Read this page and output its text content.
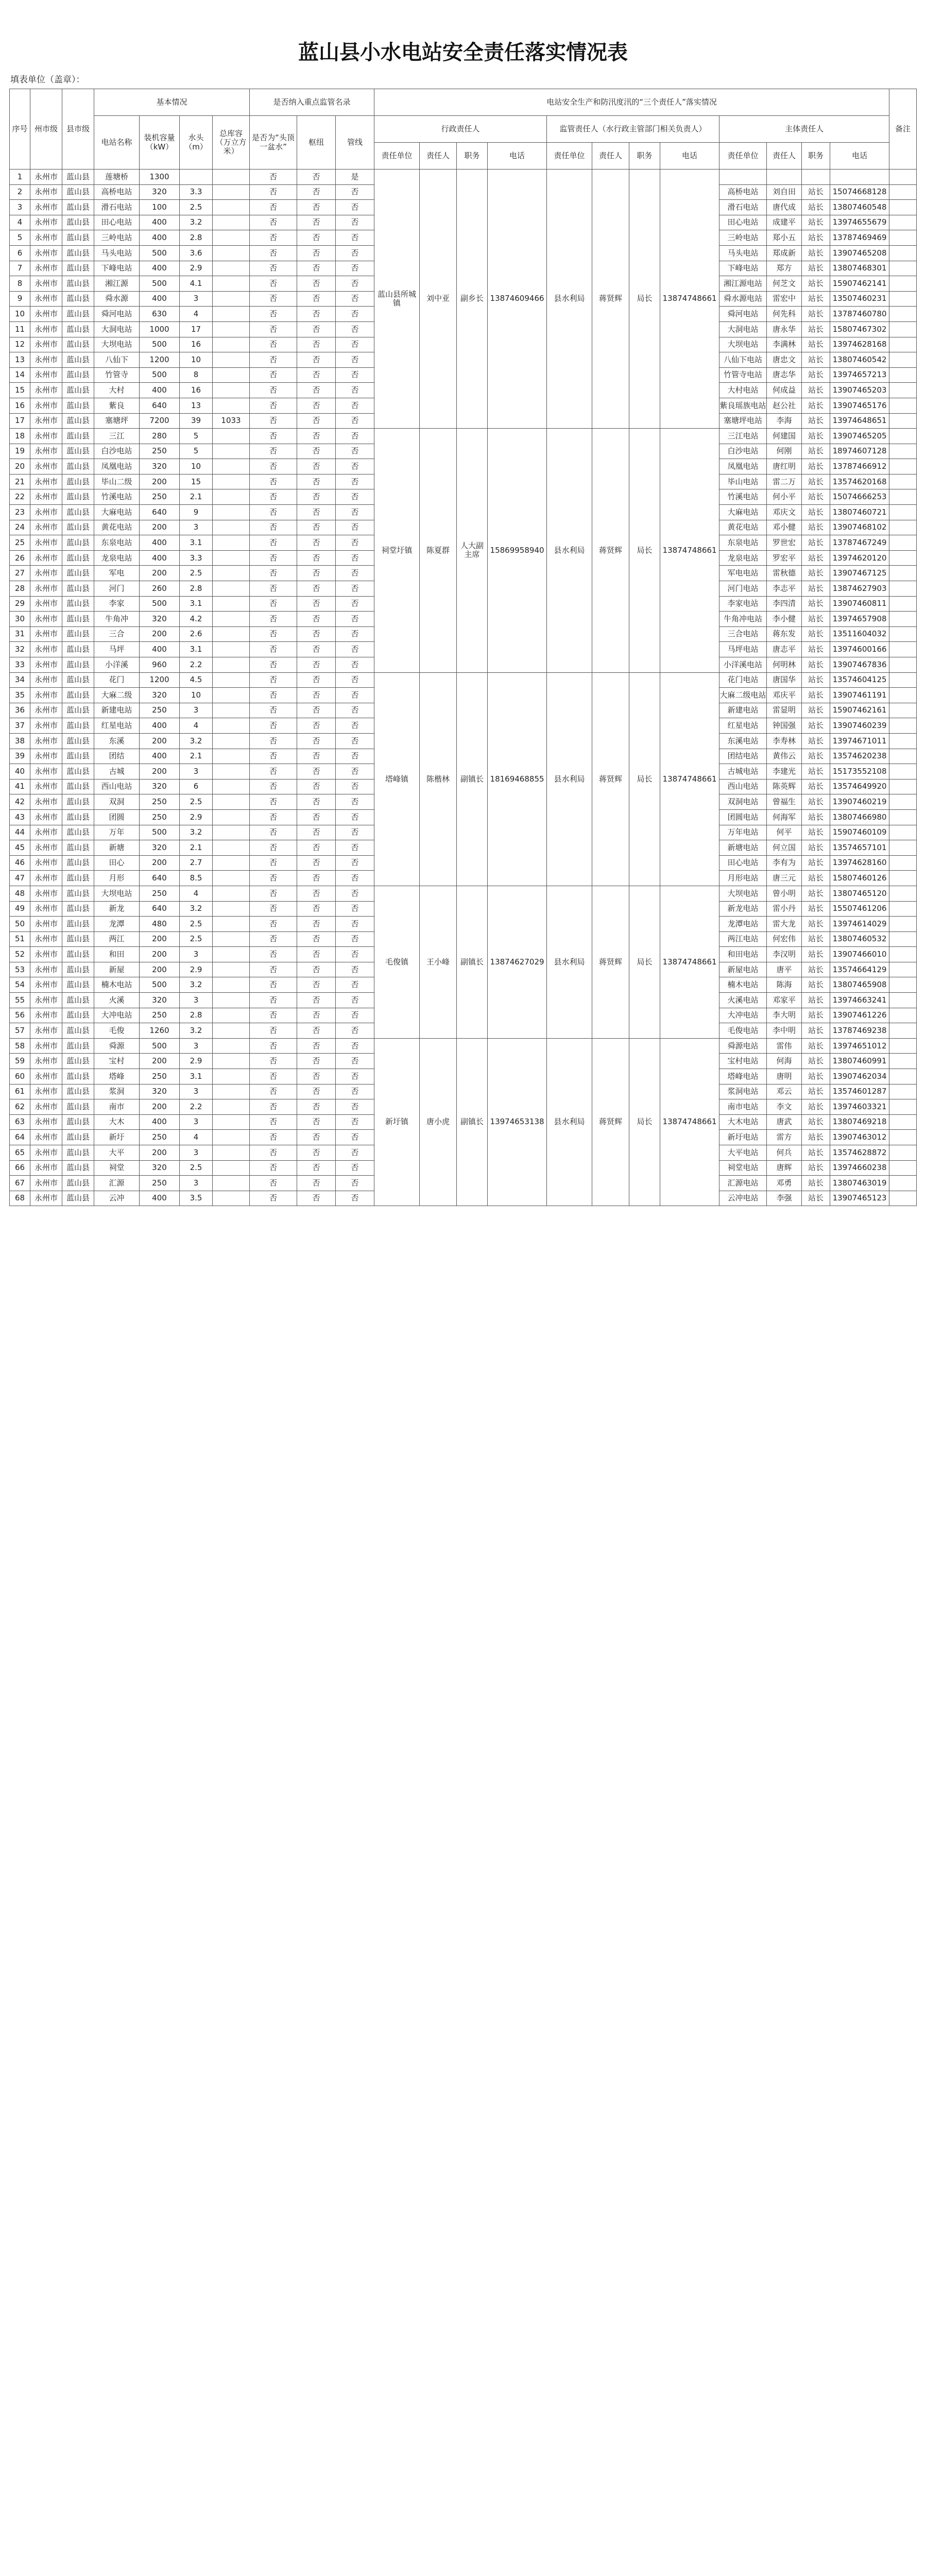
蓝山县小水电站安全责任落实情况表
填表单位（盖章）：
序号	州市级	县市级	基本情况				是否纳入重点监管名录			电站安全生产和防汛度汛的“三个责任人”落实情况												备注
			电站名称	装机容量（kW）	水头（m）	总库容（万立方米）	是否为“头顶一盆水”	枢纽	管线	行政责任人				监管责任人（水行政主管部门相关负责人）				主体责任人				
										责任单位	责任人	职务	电话	责任单位	责任人	职务	电话	责任单位	责任人	职务	电话	
1	永州市	蓝山县	莲塘桥	1300			否	否	是	蓝山县所城镇	刘中亚	副乡长	13874609466	县水利局	蒋贤辉	局长	13874748661					
2	永州市	蓝山县	高桥电站	320	3.3		否	否	否									高桥电站	刘自田	站长	15074668128	
3	永州市	蓝山县	滑石电站	100	2.5		否	否	否									滑石电站	唐代成	站长	13807460548	
4	永州市	蓝山县	田心电站	400	3.2		否	否	否									田心电站	成建平	站长	13974655679	
5	永州市	蓝山县	三岭电站	400	2.8		否	否	否									三岭电站	郑小五	站长	13787469469	
6	永州市	蓝山县	马头电站	500	3.6		否	否	否									马头电站	郑成新	站长	13907465208	
7	永州市	蓝山县	下峰电站	400	2.9		否	否	否									下峰电站	郑方	站长	13807468301	
8	永州市	蓝山县	湘江源	500	4.1		否	否	否									湘江源电站	何芝文	站长	15907462141	
9	永州市	蓝山县	舜水源	400	3		否	否	否									舜水源电站	雷宏中	站长	13507460231	
10	永州市	蓝山县	舜河电站	630	4		否	否	否									舜河电站	何先科	站长	13787460780	
11	永州市	蓝山县	大洞电站	1000	17		否	否	否									大洞电站	唐永华	站长	15807467302	
12	永州市	蓝山县	大坝电站	500	16		否	否	否									大坝电站	李满林	站长	13974628168	
13	永州市	蓝山县	八仙下	1200	10		否	否	否									八仙下电站	唐忠文	站长	13807460542	
14	永州市	蓝山县	竹管寺	500	8		否	否	否									竹管寺电站	唐志华	站长	13974657213	
15	永州市	蓝山县	大村	400	16		否	否	否									大村电站	何成益	站长	13907465203	
16	永州市	蓝山县	紫良	640	13		否	否	否									紫良瑶族电站	赵公社	站长	13907465176	
17	永州市	蓝山县	塞塘坪	7200	39	1033	否	否	否									塞塘坪电站	李海	站长	13974648651	
18	永州市	蓝山县	三江	280	5		否	否	否	祠堂圩镇	陈夏群	人大副主席	15869958940	县水利局	蒋贤辉	局长	13874748661	三江电站	何建国	站长	13907465205	
19	永州市	蓝山县	白沙电站	250	5		否	否	否									白沙电站	何刚	站长	18974607128	
20	永州市	蓝山县	凤凰电站	320	10		否	否	否									凤凰电站	唐红明	站长	13787466912	
21	永州市	蓝山县	毕山二级	200	15		否	否	否									毕山电站	雷二万	站长	13574620168	
22	永州市	蓝山县	竹溪电站	250	2.1		否	否	否									竹溪电站	何小平	站长	15074666253	
23	永州市	蓝山县	大麻电站	640	9		否	否	否									大麻电站	邓庆文	站长	13807460721	
24	永州市	蓝山县	黄花电站	200	3		否	否	否									黄花电站	邓小健	站长	13907468102	
25	永州市	蓝山县	东泉电站	400	3.1		否	否	否									东泉电站	罗世宏	站长	13787467249	
26	永州市	蓝山县	龙泉电站	400	3.3		否	否	否									龙泉电站	罗宏平	站长	13974620120	
27	永州市	蓝山县	军电	200	2.5		否	否	否									军电电站	雷秋德	站长	13907467125	
28	永州市	蓝山县	河门	260	2.8		否	否	否									河门电站	李志平	站长	13874627903	
29	永州市	蓝山县	李家	500	3.1		否	否	否									李家电站	李四清	站长	13907460811	
30	永州市	蓝山县	牛角冲	320	4.2		否	否	否									牛角冲电站	李小健	站长	13974657908	
31	永州市	蓝山县	三合	200	2.6		否	否	否									三合电站	蒋东发	站长	13511604032	
32	永州市	蓝山县	马坪	400	3.1		否	否	否									马坪电站	唐志平	站长	13974600166	
33	永州市	蓝山县	小洋溪	960	2.2		否	否	否									小洋溪电站	何明林	站长	13907467836	
34	永州市	蓝山县	花门	1200	4.5		否	否	否	塔峰镇	陈楷林	副镇长	18169468855	县水利局	蒋贤辉	局长	13874748661	花门电站	唐国华	站长	13574604125	
35	永州市	蓝山县	大麻二级	320	10		否	否	否									大麻二级电站	邓庆平	站长	13907461191	
36	永州市	蓝山县	新建电站	250	3		否	否	否									新建电站	雷显明	站长	15907462161	
37	永州市	蓝山县	红星电站	400	4		否	否	否									红星电站	钟国强	站长	13907460239	
38	永州市	蓝山县	东溪	200	3.2		否	否	否									东溪电站	李寿林	站长	13974671011	
39	永州市	蓝山县	团结	400	2.1		否	否	否									团结电站	黄伟云	站长	13574620238	
40	永州市	蓝山县	古城	200	3		否	否	否									古城电站	李建光	站长	15173552108	
41	永州市	蓝山县	西山电站	320	6		否	否	否									西山电站	陈英辉	站长	13574649920	
42	永州市	蓝山县	双洞	250	2.5		否	否	否									双洞电站	曾福生	站长	13907460219	
43	永州市	蓝山县	团圆	250	2.9		否	否	否									团圆电站	何海军	站长	13807466980	
44	永州市	蓝山县	万年	500	3.2		否	否	否									万年电站	何平	站长	15907460109	
45	永州市	蓝山县	新塘	320	2.1		否	否	否									新塘电站	何立国	站长	13574657101	
46	永州市	蓝山县	田心	200	2.7		否	否	否									田心电站	李有为	站长	13974628160	
47	永州市	蓝山县	月形	640	8.5		否	否	否									月形电站	唐三元	站长	15807460126	
48	永州市	蓝山县	大坝电站	250	4		否	否	否	毛俊镇	王小峰	副镇长	13874627029	县水利局	蒋贤辉	局长	13874748661	大坝电站	曾小明	站长	13807465120	
49	永州市	蓝山县	新龙	640	3.2		否	否	否									新龙电站	雷小丹	站长	15507461206	
50	永州市	蓝山县	龙潭	480	2.5		否	否	否									龙潭电站	雷大龙	站长	13974614029	
51	永州市	蓝山县	两江	200	2.5		否	否	否									两江电站	何宏伟	站长	13807460532	
52	永州市	蓝山县	和田	200	3		否	否	否									和田电站	李汉明	站长	13907466010	
53	永州市	蓝山县	新屋	200	2.9		否	否	否									新屋电站	唐平	站长	13574664129	
54	永州市	蓝山县	楠木电站	500	3.2		否	否	否									楠木电站	陈海	站长	13807465908	
55	永州市	蓝山县	火溪	320	3		否	否	否									火溪电站	邓家平	站长	13974663241	
56	永州市	蓝山县	大冲电站	250	2.8		否	否	否									大冲电站	李大明	站长	13907461226	
57	永州市	蓝山县	毛俊	1260	3.2		否	否	否									毛俊电站	李中明	站长	13787469238	
58	永州市	蓝山县	舜源	500	3		否	否	否	新圩镇	唐小虎	副镇长	13974653138	县水利局	蒋贤辉	局长	13874748661	舜源电站	雷伟	站长	13974651012	
59	永州市	蓝山县	宝村	200	2.9		否	否	否									宝村电站	何海	站长	13807460991	
60	永州市	蓝山县	塔峰	250	3.1		否	否	否									塔峰电站	唐明	站长	13907462034	
61	永州市	蓝山县	浆洞	320	3		否	否	否									浆洞电站	邓云	站长	13574601287	
62	永州市	蓝山县	南市	200	2.2		否	否	否									南市电站	李文	站长	13974603321	
63	永州市	蓝山县	大木	400	3		否	否	否									大木电站	唐武	站长	13807469218	
64	永州市	蓝山县	新圩	250	4		否	否	否									新圩电站	雷方	站长	13907463012	
65	永州市	蓝山县	大平	200	3		否	否	否									大平电站	何兵	站长	13574628872	
66	永州市	蓝山县	祠堂	320	2.5		否	否	否									祠堂电站	唐辉	站长	13974660238	
67	永州市	蓝山县	汇源	250	3		否	否	否									汇源电站	邓勇	站长	13807463019	
68	永州市	蓝山县	云冲	400	3.5		否	否	否									云冲电站	李强	站长	13907465123	
